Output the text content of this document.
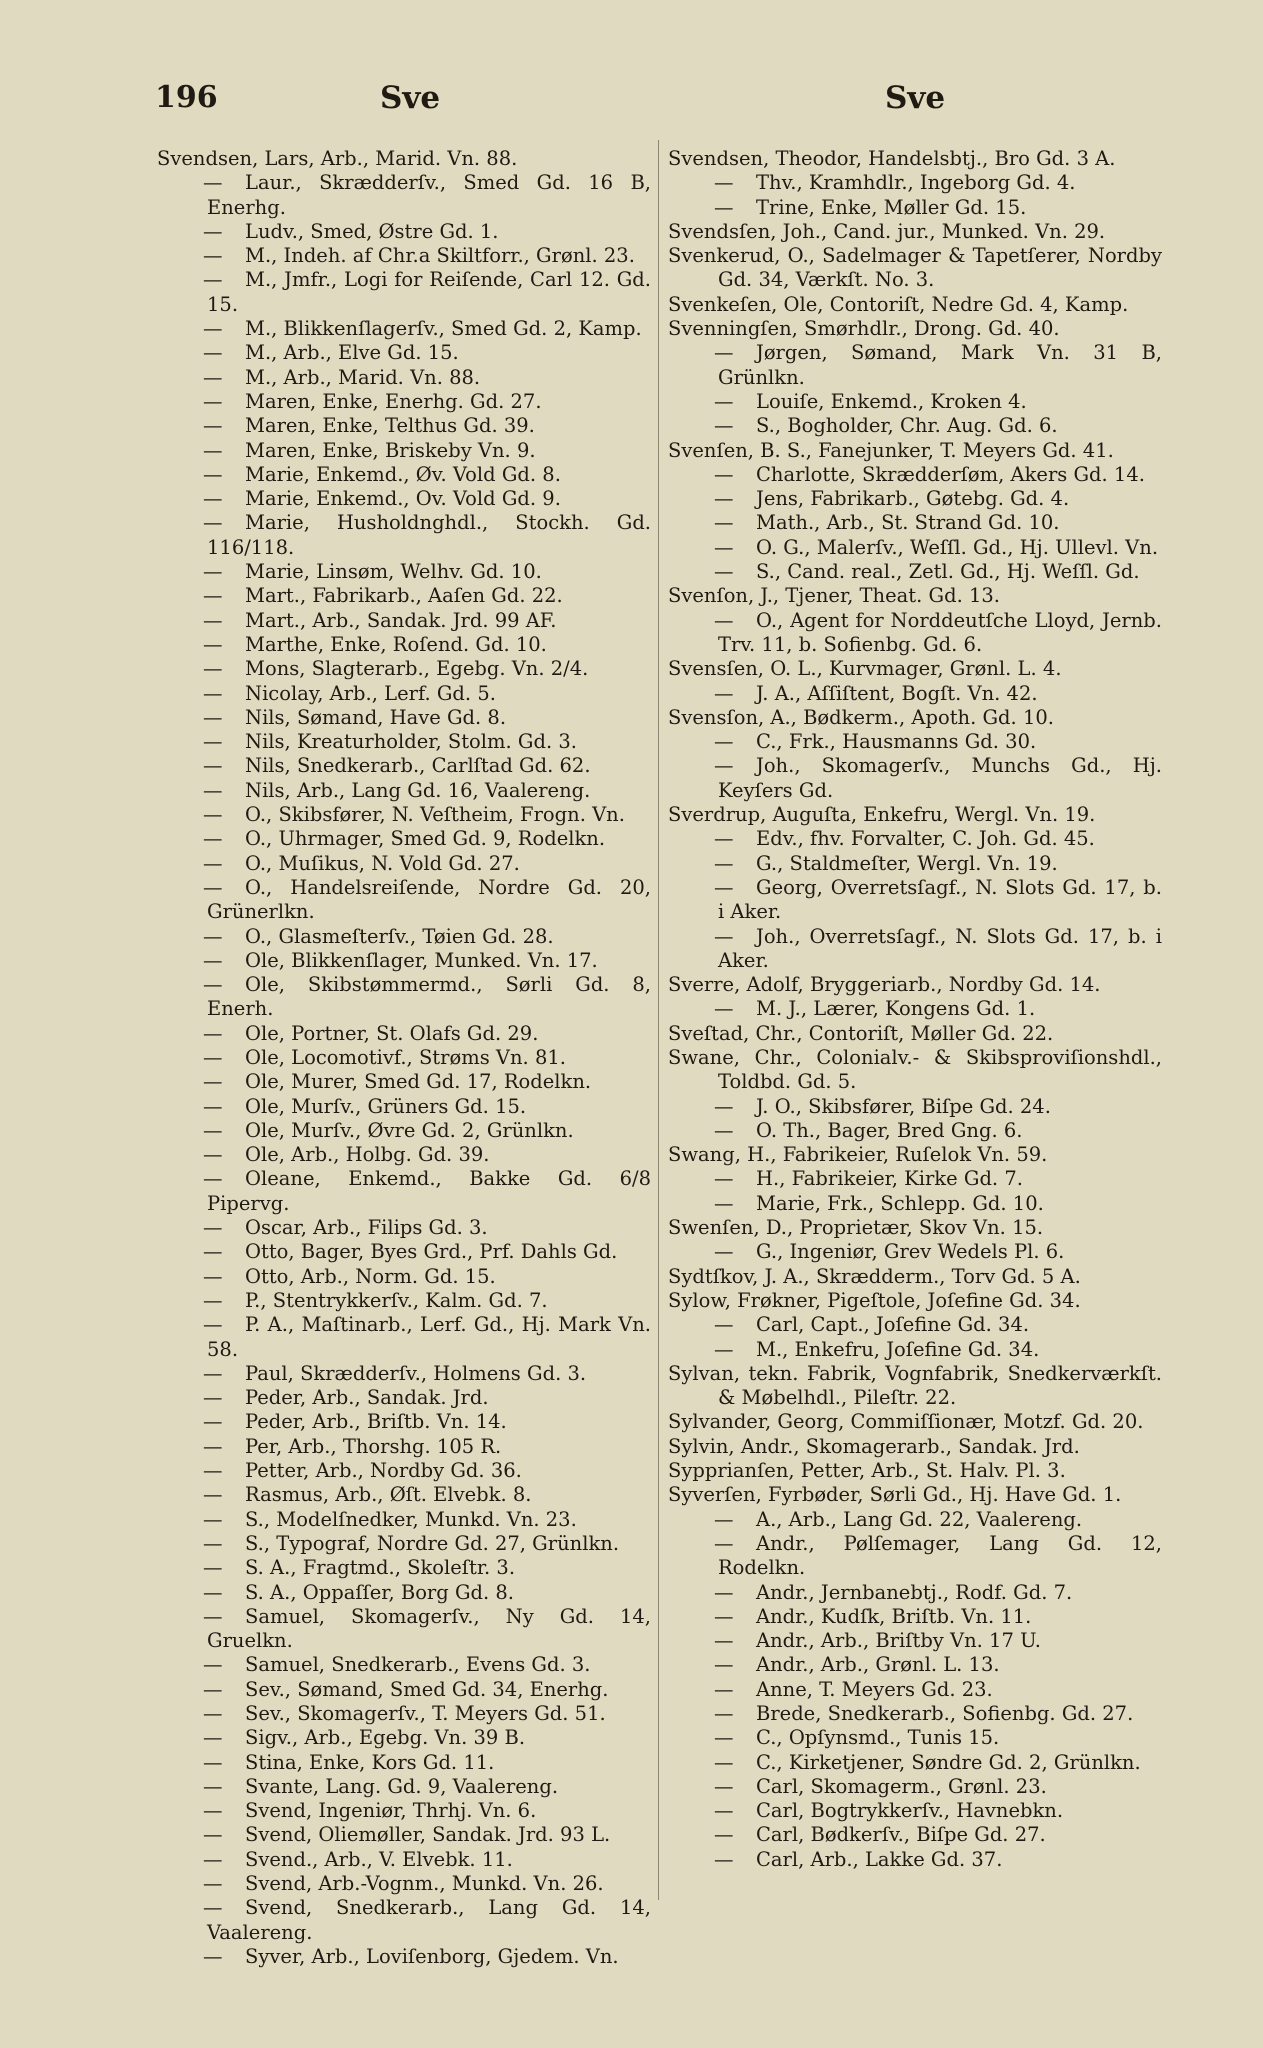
196	Sve	Sve

Svendsen, Lars, Arb., Marid. Vn. 88.

— Laur., Skrædderſv., Smed Gd. 16 B, Enerhg.

— Ludv., Smed, Østre Gd. 1.

— M., Indeh. af Chr.a Skiltforr., Grønl. 23.

— M., Jmfr., Logi for Reiſende, Carl 12. Gd. 15.

— M., Blikkenſlagerſv., Smed Gd. 2, Kamp.

— M., Arb., Elve Gd. 15.

— M., Arb., Marid. Vn. 88.

— Maren, Enke, Enerhg. Gd. 27.

— Maren, Enke, Telthus Gd. 39.

— Maren, Enke, Briskeby Vn. 9.

— Marie, Enkemd., Øv. Vold Gd. 8.

— Marie, Enkemd., Ov. Vold Gd. 9.

— Marie, Husholdnghdl., Stockh. Gd. 116/118.

— Marie, Linsøm, Welhv. Gd. 10.

— Mart., Fabrikarb., Aaſen Gd. 22.

— Mart., Arb., Sandak. Jrd. 99 AF.

— Marthe, Enke, Roſend. Gd. 10.

— Mons, Slagterarb., Egebg. Vn. 2/4.

— Nicolay, Arb., Lerf. Gd. 5.

— Nils, Sømand, Have Gd. 8.

— Nils, Kreaturholder, Stolm. Gd. 3.

— Nils, Snedkerarb., Carlſtad Gd. 62.

— Nils, Arb., Lang Gd. 16, Vaalereng.

— O., Skibsfører, N. Veſtheim, Frogn. Vn.

— O., Uhrmager, Smed Gd. 9, Rodelkn.

— O., Muſikus, N. Vold Gd. 27.

— O., Handelsreiſende, Nordre Gd. 20, Grünerlkn.

— O., Glasmeſterſv., Tøien Gd. 28.

— Ole, Blikkenſlager, Munked. Vn. 17.

— Ole, Skibstømmermd., Sørli Gd. 8, Enerh.

— Ole, Portner, St. Olafs Gd. 29.

— Ole, Locomotivf., Strøms Vn. 81.

— Ole, Murer, Smed Gd. 17, Rodelkn.

— Ole, Murſv., Grüners Gd. 15.

— Ole, Murſv., Øvre Gd. 2, Grünlkn.

— Ole, Arb., Holbg. Gd. 39.

— Oleane, Enkemd., Bakke Gd. 6/8 Pipervg.

— Oscar, Arb., Filips Gd. 3.

— Otto, Bager, Byes Grd., Prf. Dahls Gd.

— Otto, Arb., Norm. Gd. 15.

— P., Stentrykkerſv., Kalm. Gd. 7.

— P. A., Maſtinarb., Lerf. Gd., Hj. Mark Vn. 58.

— Paul, Skrædderſv., Holmens Gd. 3.

— Peder, Arb., Sandak. Jrd.

— Peder, Arb., Briſtb. Vn. 14.

— Per, Arb., Thorshg. 105 R.

— Petter, Arb., Nordby Gd. 36.

— Rasmus, Arb., Øſt. Elvebk. 8.

— S., Modelſnedker, Munkd. Vn. 23.

— S., Typograf, Nordre Gd. 27, Grünlkn.

— S. A., Fragtmd., Skoleſtr. 3.

— S. A., Oppaſſer, Borg Gd. 8.

— Samuel, Skomagerſv., Ny Gd. 14, Gruelkn.

— Samuel, Snedkerarb., Evens Gd. 3.

— Sev., Sømand, Smed Gd. 34, Enerhg.

— Sev., Skomagerſv., T. Meyers Gd. 51.

— Sigv., Arb., Egebg. Vn. 39 B.

— Stina, Enke, Kors Gd. 11.

— Svante, Lang. Gd. 9, Vaalereng.

— Svend, Ingeniør, Thrhj. Vn. 6.

— Svend, Oliemøller, Sandak. Jrd. 93 L.

— Svend., Arb., V. Elvebk. 11.

— Svend, Arb.-Vognm., Munkd. Vn. 26.

— Svend, Snedkerarb., Lang Gd. 14, Vaalereng.

— Syver, Arb., Loviſenborg, Gjedem. Vn.

Svendsen, Theodor, Handelsbtj., Bro Gd. 3 A.

— Thv., Kramhdlr., Ingeborg Gd. 4.

— Trine, Enke, Møller Gd. 15.

Svendsſen, Joh., Cand. jur., Munked. Vn. 29.

Svenkerud, O., Sadelmager & Tapetſerer, Nordby Gd. 34, Værkſt. No. 3.

Svenkeſen, Ole, Contoriſt, Nedre Gd. 4, Kamp.

Svenningſen, Smørhdlr., Drong. Gd. 40.

— Jørgen, Sømand, Mark Vn. 31 B, Grünlkn.

— Louiſe, Enkemd., Kroken 4.

— S., Bogholder, Chr. Aug. Gd. 6.

Svenſen, B. S., Fanejunker, T. Meyers Gd. 41.

— Charlotte, Skrædderſøm, Akers Gd. 14.

— Jens, Fabrikarb., Gøtebg. Gd. 4.

— Math., Arb., St. Strand Gd. 10.

— O. G., Malerſv., Weſſl. Gd., Hj. Ullevl. Vn.

— S., Cand. real., Zetl. Gd., Hj. Weſſl. Gd.

Svenſon, J., Tjener, Theat. Gd. 13.

— O., Agent for Norddeutſche Lloyd, Jernb. Trv. 11, b. Sofienbg. Gd. 6.

Svensſen, O. L., Kurvmager, Grønl. L. 4.

— J. A., Aſſiſtent, Bogſt. Vn. 42.

Svensſon, A., Bødkerm., Apoth. Gd. 10.

— C., Frk., Hausmanns Gd. 30.

— Joh., Skomagerſv., Munchs Gd., Hj. Keyſers Gd.

Sverdrup, Auguſta, Enkefru, Wergl. Vn. 19.

— Edv., fhv. Forvalter, C. Joh. Gd. 45.

— G., Staldmeſter, Wergl. Vn. 19.

— Georg, Overretsſagf., N. Slots Gd. 17, b. i Aker.

— Joh., Overretsſagf., N. Slots Gd. 17, b. i Aker.

Sverre, Adolf, Bryggeriarb., Nordby Gd. 14.

— M. J., Lærer, Kongens Gd. 1.

Sveſtad, Chr., Contoriſt, Møller Gd. 22.

Swane, Chr., Colonialv.- & Skibsproviſionshdl., Toldbd. Gd. 5.

— J. O., Skibsfører, Biſpe Gd. 24.

— O. Th., Bager, Bred Gng. 6.

Swang, H., Fabrikeier, Ruſelok Vn. 59.

— H., Fabrikeier, Kirke Gd. 7.

— Marie, Frk., Schlepp. Gd. 10.

Swenſen, D., Proprietær, Skov Vn. 15.

— G., Ingeniør, Grev Wedels Pl. 6.

Sydtſkov, J. A., Skrædderm., Torv Gd. 5 A.

Sylow, Frøkner, Pigeſtole, Joſefine Gd. 34.

— Carl, Capt., Joſefine Gd. 34.

— M., Enkefru, Joſefine Gd. 34.

Sylvan, tekn. Fabrik, Vognfabrik, Snedkerværkſt. & Møbelhdl., Pileſtr. 22.

Sylvander, Georg, Commiſſionær, Motzf. Gd. 20.

Sylvin, Andr., Skomagerarb., Sandak. Jrd.

Sypprianſen, Petter, Arb., St. Halv. Pl. 3.

Syverſen, Fyrbøder, Sørli Gd., Hj. Have Gd. 1.

— A., Arb., Lang Gd. 22, Vaalereng.

— Andr., Pølſemager, Lang Gd. 12, Rodelkn.

— Andr., Jernbanebtj., Rodf. Gd. 7.

— Andr., Kudſk, Briſtb. Vn. 11.

— Andr., Arb., Briſtby Vn. 17 U.

— Andr., Arb., Grønl. L. 13.

— Anne, T. Meyers Gd. 23.

— Brede, Snedkerarb., Sofienbg. Gd. 27.

— C., Opſynsmd., Tunis 15.

— C., Kirketjener, Søndre Gd. 2, Grünlkn.

— Carl, Skomagerm., Grønl. 23.

— Carl, Bogtrykkerſv., Havnebkn.

— Carl, Bødkerſv., Biſpe Gd. 27.

— Carl, Arb., Lakke Gd. 37.
